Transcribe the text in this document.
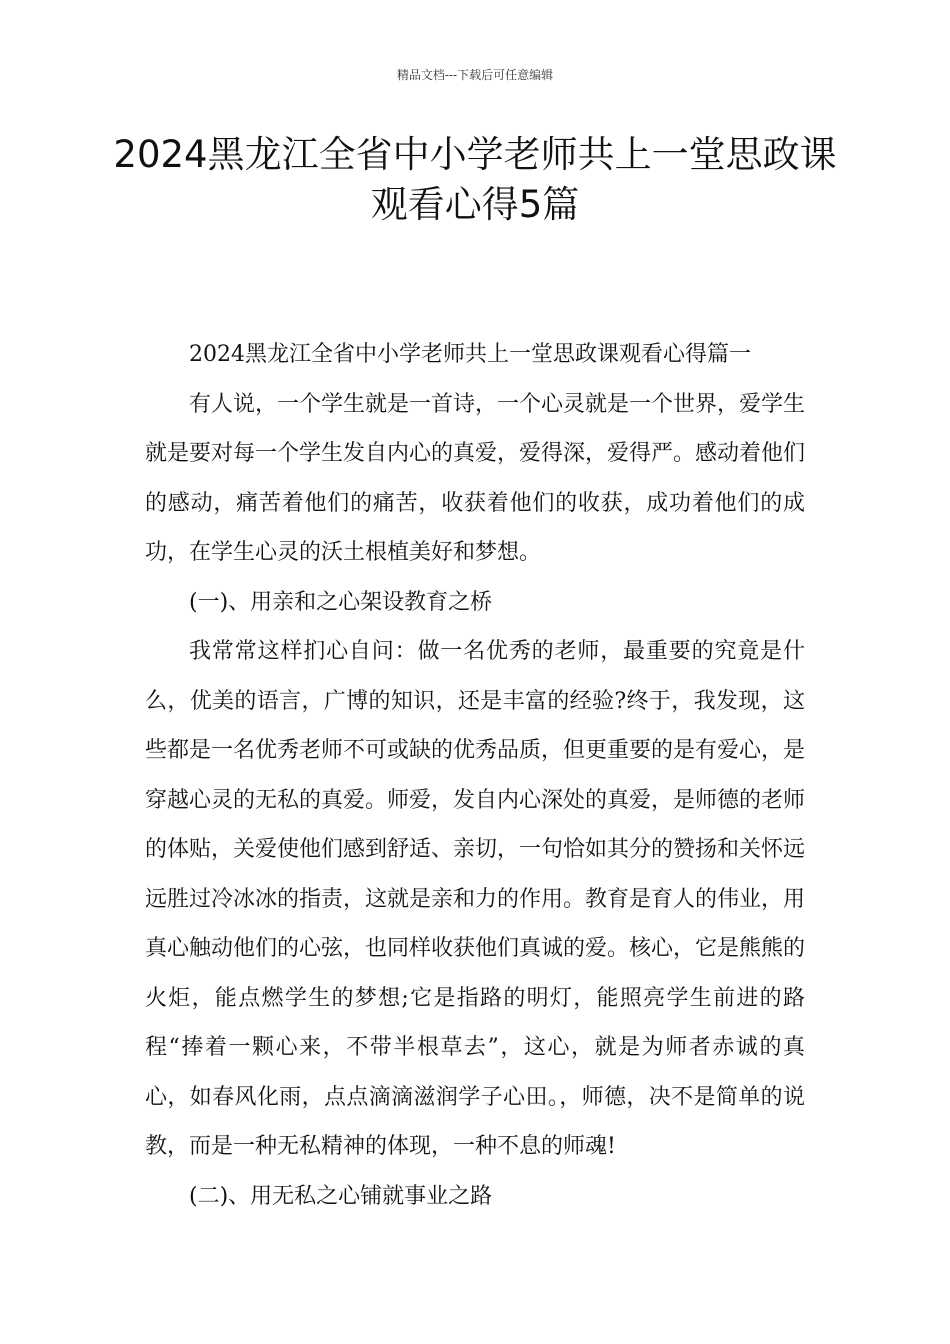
精品文档---下载后可任意编辑
2024黑龙江全省中小学老师共上一堂思政课观看心得5篇

2024黑龙江全省中小学老师共上一堂思政课观看心得篇一

有人说，一个学生就是一首诗，一个心灵就是一个世界，爱学生就是要对每一个学生发自内心的真爱，爱得深，爱得严。感动着他们的感动，痛苦着他们的痛苦，收获着他们的收获，成功着他们的成功，在学生心灵的沃土根植美好和梦想。

(一)、用亲和之心架设教育之桥

我常常这样扪心自问：做一名优秀的老师，最重要的究竟是什么，优美的语言，广博的知识，还是丰富的经验?终于，我发现，这些都是一名优秀老师不可或缺的优秀品质，但更重要的是有爱心，是穿越心灵的无私的真爱。师爱，发自内心深处的真爱，是师德的老师的体贴，关爱使他们感到舒适、亲切，一句恰如其分的赞扬和关怀远远胜过冷冰冰的指责，这就是亲和力的作用。教育是育人的伟业，用真心触动他们的心弦，也同样收获他们真诚的爱。核心，它是熊熊的火炬，能点燃学生的梦想;它是指路的明灯，能照亮学生前进的路程“捧着一颗心来，不带半根草去”，这心，就是为师者赤诚的真心，如春风化雨，点点滴滴滋润学子心田。，师德，决不是简单的说教，而是一种无私精神的体现，一种不息的师魂!

(二)、用无私之心铺就事业之路
